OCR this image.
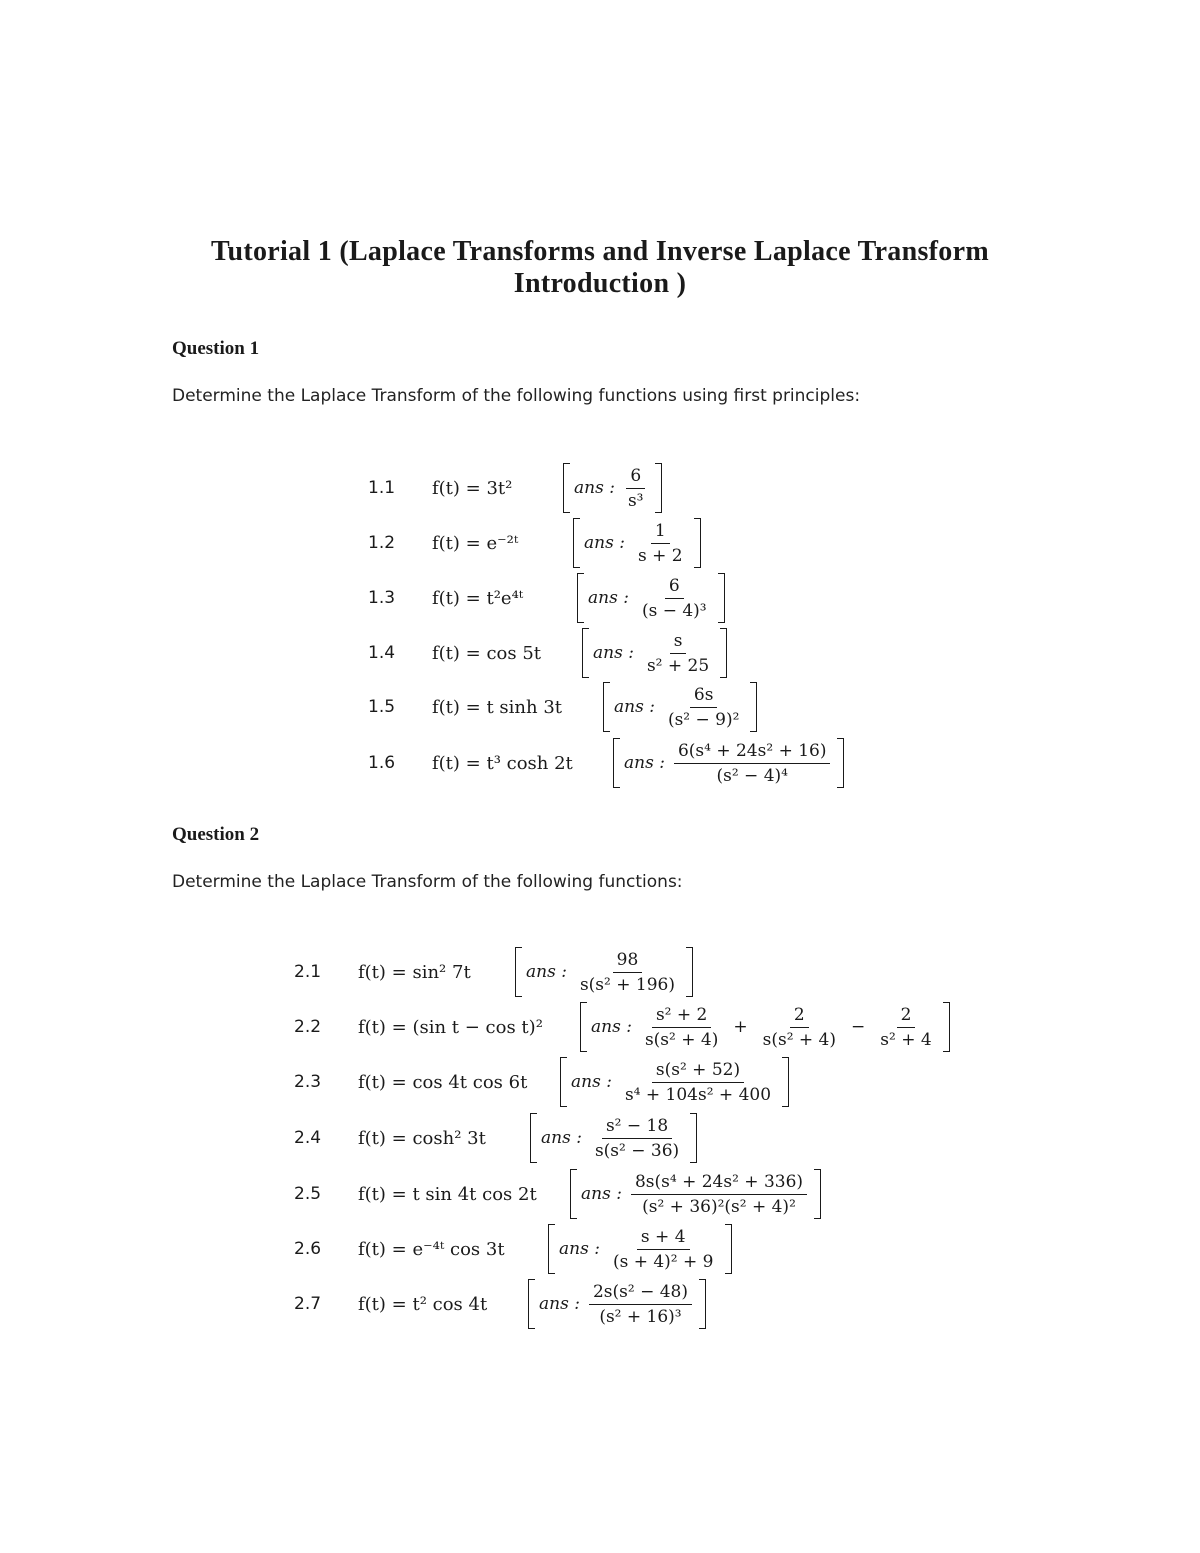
Tutorial 1 (Laplace Transforms and Inverse Laplace Transform
Introduction )
Question 1
Determine the Laplace Transform of the following functions using first principles:
1.1 f(t) = 3t²	ans : $\frac{6}{\text{s³}}$
1.2 f(t) = e⁻²ᵗ	ans : $\frac{1}{s + 2}$
1.3 f(t) = t²e⁴ᵗ	ans : $\frac{6}{\text{(s − 4)³}}$
1.4 f(t) = cos 5t	ans : $\frac{s}{\text{s² + 25}}$
1.5 f(t) = t sinh 3t	ans : $\frac{6s}{\text{(s² − 9)²}}$
1.6 f(t) = t³ cosh 2t	ans : $\frac{\text{6(s⁴ + 24s² + 16)}}{\text{(s² − 4)⁴}}$
Question 2
Determine the Laplace Transform of the following functions:
2.1 f(t) = sin² 7t	ans : $\frac{98}{\text{s(s² + 196)}}$
2.2 f(t) = (sin t − cos t)²	ans : $\frac{\text{s² + 2}}{\text{s(s² + 4)}} + \frac{2}{\text{s(s² + 4)}} - \frac{2}{\text{s² + 4}}$
2.3 f(t) = cos 4t cos 6t	ans : $\frac{\text{s(s² + 52)}}{\text{s⁴ + 104s² + 400}}$
2.4 f(t) = cosh² 3t	ans : $\frac{\text{s² − 18}}{\text{s(s² − 36)}}$
2.5 f(t) = t sin 4t cos 2t	ans : $\frac{\text{8s(s⁴ + 24s² + 336)}}{\text{(s² + 36)²(s² + 4)²}}$
2.6 f(t) = e⁻⁴ᵗ cos 3t	ans : $\frac{s + 4}{\text{(s + 4)² + 9}}$
2.7 f(t) = t² cos 4t	ans : $\frac{\text{2s(s² − 48)}}{\text{(s² + 16)³}}$
